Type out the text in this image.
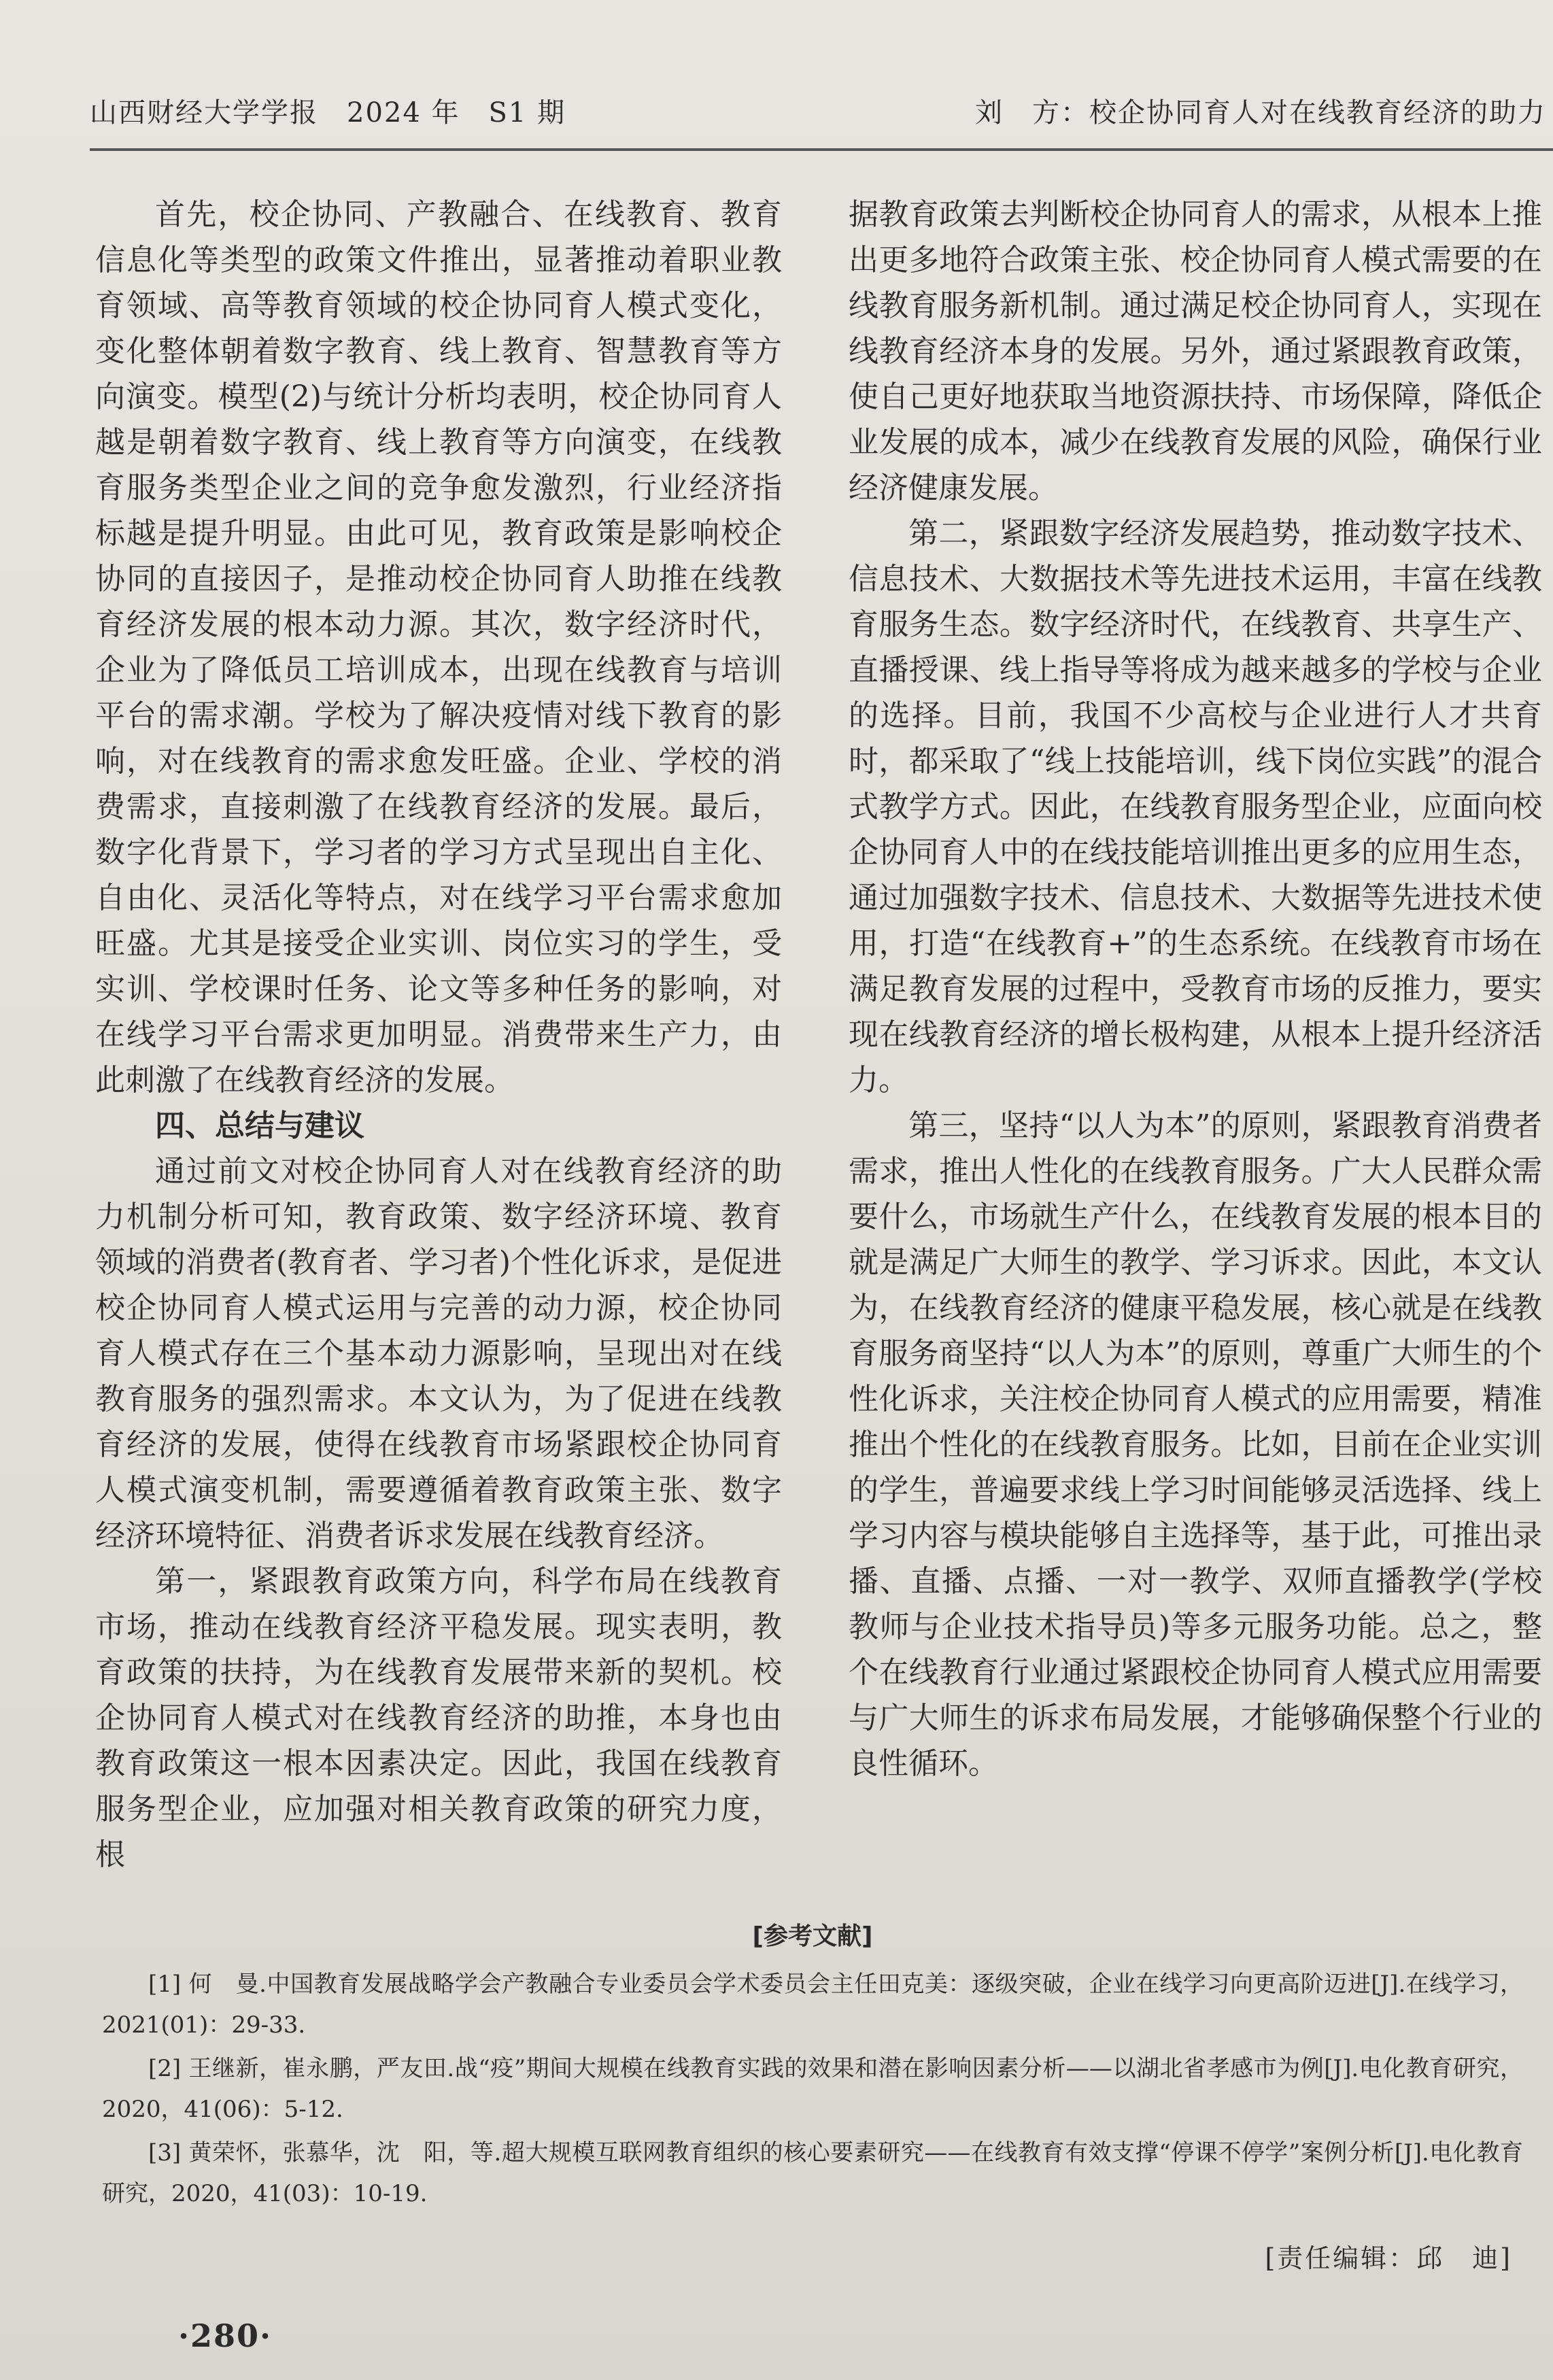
山西财经大学学报　2024 年　S1 期	刘　方：校企协同育人对在线教育经济的助力

首先，校企协同、产教融合、在线教育、教育信息化等类型的政策文件推出，显著推动着职业教育领域、高等教育领域的校企协同育人模式变化，变化整体朝着数字教育、线上教育、智慧教育等方向演变。模型(2)与统计分析均表明，校企协同育人越是朝着数字教育、线上教育等方向演变，在线教育服务类型企业之间的竞争愈发激烈，行业经济指标越是提升明显。由此可见，教育政策是影响校企协同的直接因子，是推动校企协同育人助推在线教育经济发展的根本动力源。其次，数字经济时代，企业为了降低员工培训成本，出现在线教育与培训平台的需求潮。学校为了解决疫情对线下教育的影响，对在线教育的需求愈发旺盛。企业、学校的消费需求，直接刺激了在线教育经济的发展。最后，数字化背景下，学习者的学习方式呈现出自主化、自由化、灵活化等特点，对在线学习平台需求愈加旺盛。尤其是接受企业实训、岗位实习的学生，受实训、学校课时任务、论文等多种任务的影响，对在线学习平台需求更加明显。消费带来生产力，由此刺激了在线教育经济的发展。

四、总结与建议

通过前文对校企协同育人对在线教育经济的助力机制分析可知，教育政策、数字经济环境、教育领域的消费者(教育者、学习者)个性化诉求，是促进校企协同育人模式运用与完善的动力源，校企协同育人模式存在三个基本动力源影响，呈现出对在线教育服务的强烈需求。本文认为，为了促进在线教育经济的发展，使得在线教育市场紧跟校企协同育人模式演变机制，需要遵循着教育政策主张、数字经济环境特征、消费者诉求发展在线教育经济。

第一，紧跟教育政策方向，科学布局在线教育市场，推动在线教育经济平稳发展。现实表明，教育政策的扶持，为在线教育发展带来新的契机。校企协同育人模式对在线教育经济的助推，本身也由教育政策这一根本因素决定。因此，我国在线教育服务型企业，应加强对相关教育政策的研究力度，根

据教育政策去判断校企协同育人的需求，从根本上推出更多地符合政策主张、校企协同育人模式需要的在线教育服务新机制。通过满足校企协同育人，实现在线教育经济本身的发展。另外，通过紧跟教育政策，使自己更好地获取当地资源扶持、市场保障，降低企业发展的成本，减少在线教育发展的风险，确保行业经济健康发展。

第二，紧跟数字经济发展趋势，推动数字技术、信息技术、大数据技术等先进技术运用，丰富在线教育服务生态。数字经济时代，在线教育、共享生产、直播授课、线上指导等将成为越来越多的学校与企业的选择。目前，我国不少高校与企业进行人才共育时，都采取了“线上技能培训，线下岗位实践”的混合式教学方式。因此，在线教育服务型企业，应面向校企协同育人中的在线技能培训推出更多的应用生态，通过加强数字技术、信息技术、大数据等先进技术使用，打造“在线教育+”的生态系统。在线教育市场在满足教育发展的过程中，受教育市场的反推力，要实现在线教育经济的增长极构建，从根本上提升经济活力。

第三，坚持“以人为本”的原则，紧跟教育消费者需求，推出人性化的在线教育服务。广大人民群众需要什么，市场就生产什么，在线教育发展的根本目的就是满足广大师生的教学、学习诉求。因此，本文认为，在线教育经济的健康平稳发展，核心就是在线教育服务商坚持“以人为本”的原则，尊重广大师生的个性化诉求，关注校企协同育人模式的应用需要，精准推出个性化的在线教育服务。比如，目前在企业实训的学生，普遍要求线上学习时间能够灵活选择、线上学习内容与模块能够自主选择等，基于此，可推出录播、直播、点播、一对一教学、双师直播教学(学校教师与企业技术指导员)等多元服务功能。总之，整个在线教育行业通过紧跟校企协同育人模式应用需要与广大师生的诉求布局发展，才能够确保整个行业的良性循环。

[参考文献]

[1] 何　曼.中国教育发展战略学会产教融合专业委员会学术委员会主任田克美：逐级突破，企业在线学习向更高阶迈进[J].在线学习，2021(01)：29-33.

[2] 王继新，崔永鹏，严友田.战“疫”期间大规模在线教育实践的效果和潜在影响因素分析——以湖北省孝感市为例[J].电化教育研究，2020，41(06)：5-12.

[3] 黄荣怀，张慕华，沈　阳，等.超大规模互联网教育组织的核心要素研究——在线教育有效支撑“停课不停学”案例分析[J].电化教育研究，2020，41(03)：10-19.

[责任编辑：邱　迪]
·280·
